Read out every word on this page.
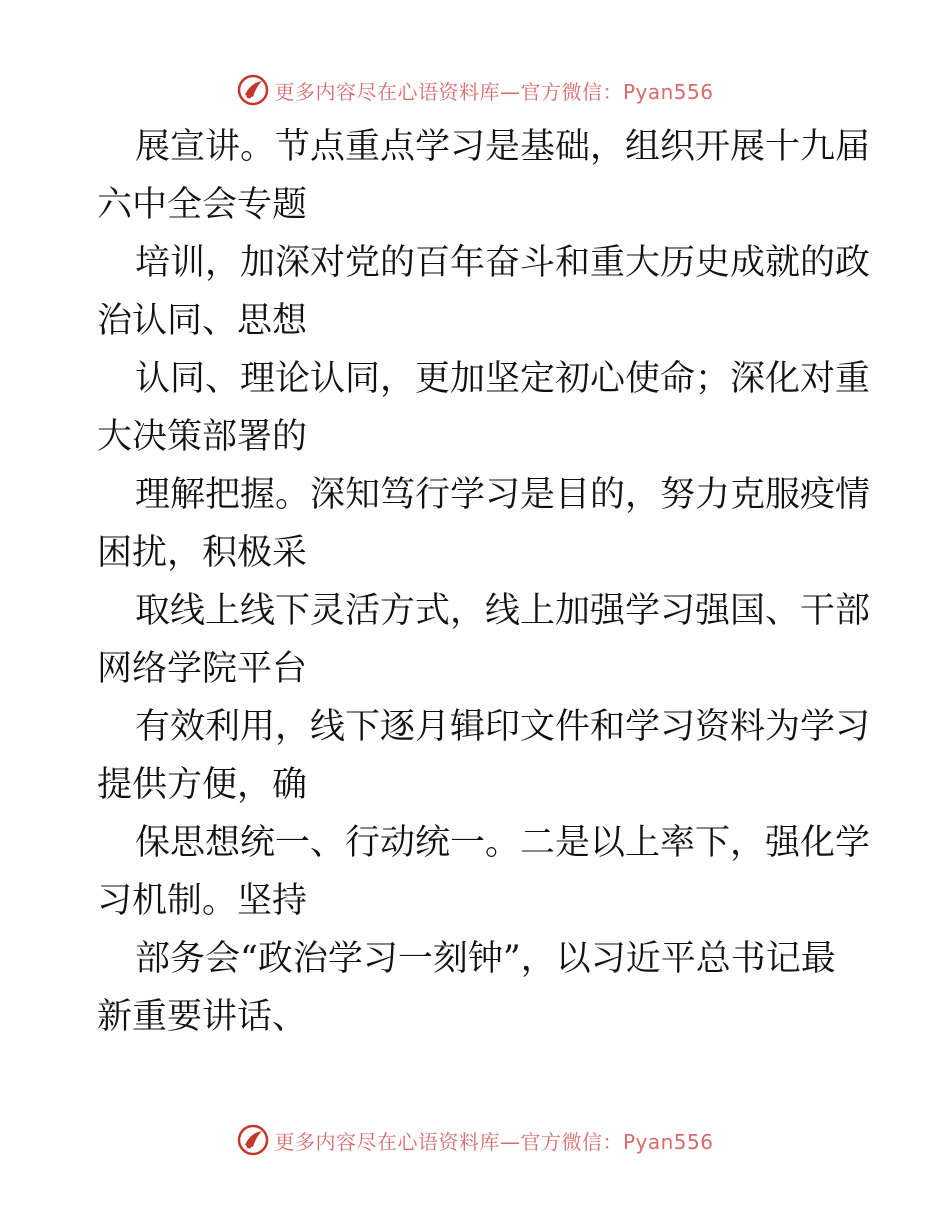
更多内容尽在心语资料库—官方微信：Pyan556

展宣讲。节点重点学习是基础，组织开展十九届
六中全会专题

培训，加深对党的百年奋斗和重大历史成就的政
治认同、思想

认同、理论认同，更加坚定初心使命；深化对重
大决策部署的

理解把握。深知笃行学习是目的，努力克服疫情
困扰，积极采

取线上线下灵活方式，线上加强学习强国、干部
网络学院平台

有效利用，线下逐月辑印文件和学习资料为学习
提供方便，确

保思想统一、行动统一。二是以上率下，强化学
习机制。坚持

部务会“政治学习一刻钟”，以习近平总书记最
新重要讲话、

更多内容尽在心语资料库—官方微信：Pyan556
